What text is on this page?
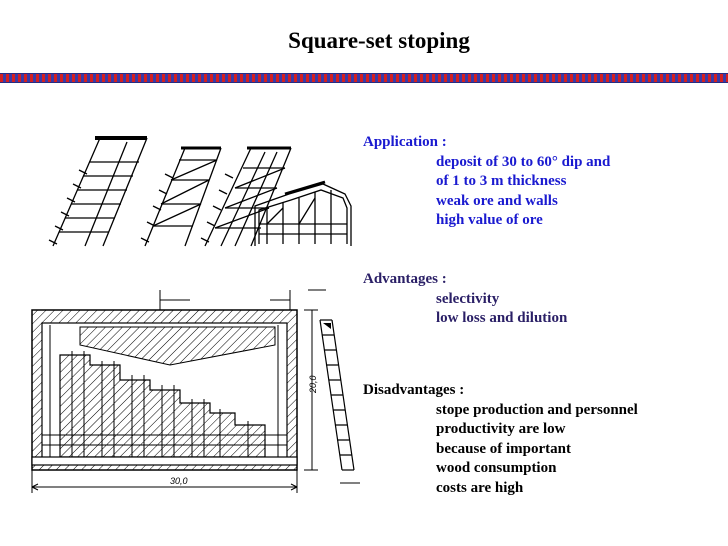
Square-set stoping
20,0
30,0
Application :
deposit of 30 to 60° dip and
of 1 to 3 m thickness
weak ore and walls
high value of ore
Advantages :
selectivity
low loss and dilution
Disadvantages :
stope production and personnel
productivity are low
because of important
wood consumption
costs are high
